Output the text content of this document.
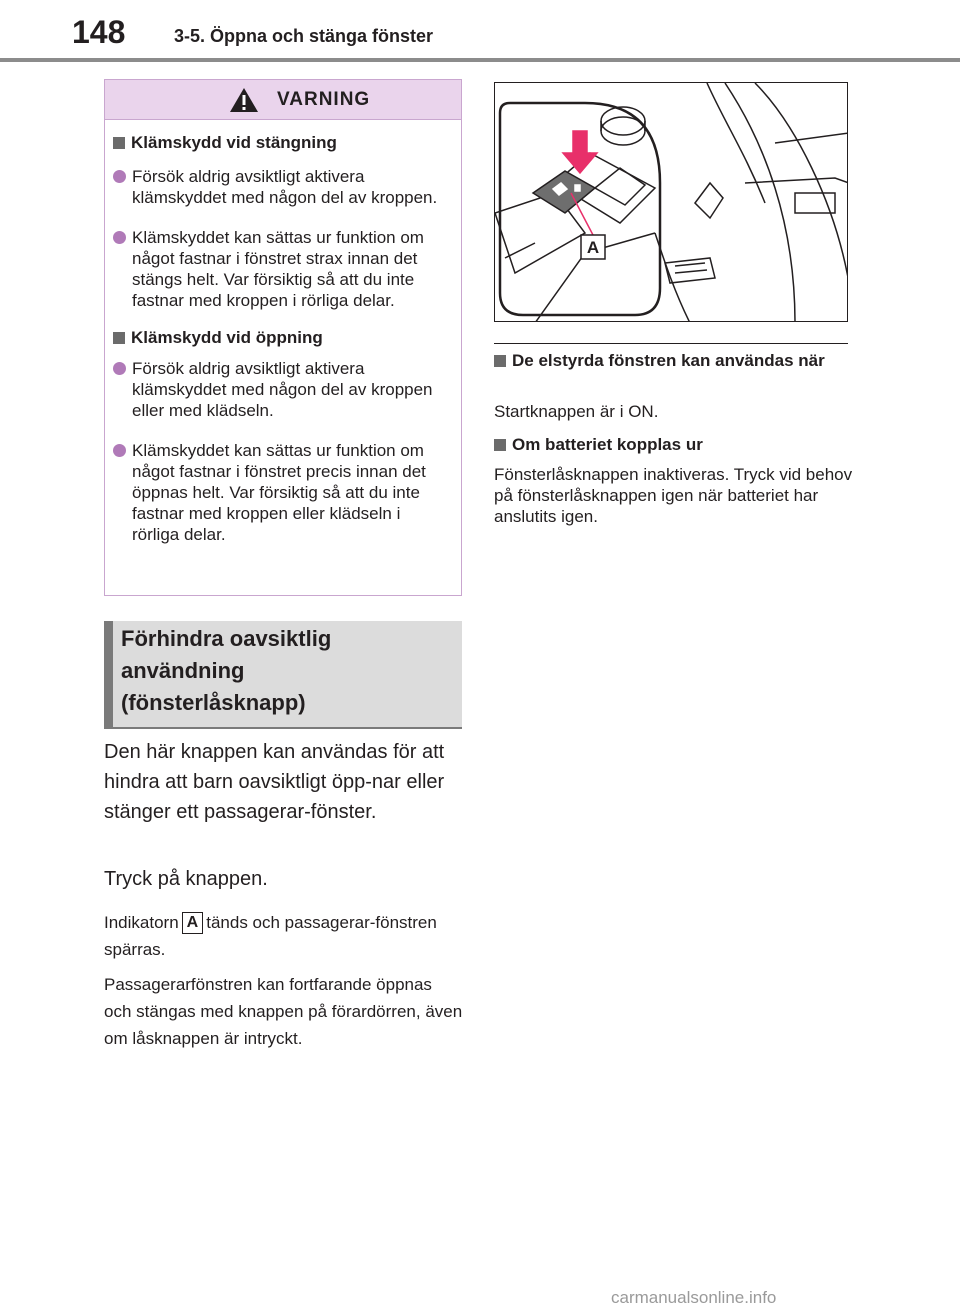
148	3-5. Öppna och stänga fönster
VARNING
Klämskydd vid stängning
Försök aldrig avsiktligt aktivera klämskyddet med någon del av kroppen.
Klämskyddet kan sättas ur funktion om något fastnar i fönstret strax innan det stängs helt. Var försiktig så att du inte fastnar med kroppen i rörliga delar.
Klämskydd vid öppning
Försök aldrig avsiktligt aktivera klämskyddet med någon del av kroppen eller med klädseln.
Klämskyddet kan sättas ur funktion om något fastnar i fönstret precis innan det öppnas helt. Var försiktig så att du inte fastnar med kroppen eller klädseln i rörliga delar.
Förhindra oavsiktlig
användning
(fönsterlåsknapp)
Den här knappen kan användas för att hindra att barn oavsiktligt öpp-nar eller stänger ett passagerar-fönster.
Tryck på knappen.
Indikatorn A tänds och passagerar-fönstren spärras.
Passagerarfönstren kan fortfarande öppnas och stängas med knappen på förardörren, även om låsknappen är intryckt.
A
De elstyrda fönstren kan användas när
Startknappen är i ON.
Om batteriet kopplas ur
Fönsterlåsknappen inaktiveras. Tryck vid behov på fönsterlåsknappen igen när batteriet har anslutits igen.
carmanualsonline.info
